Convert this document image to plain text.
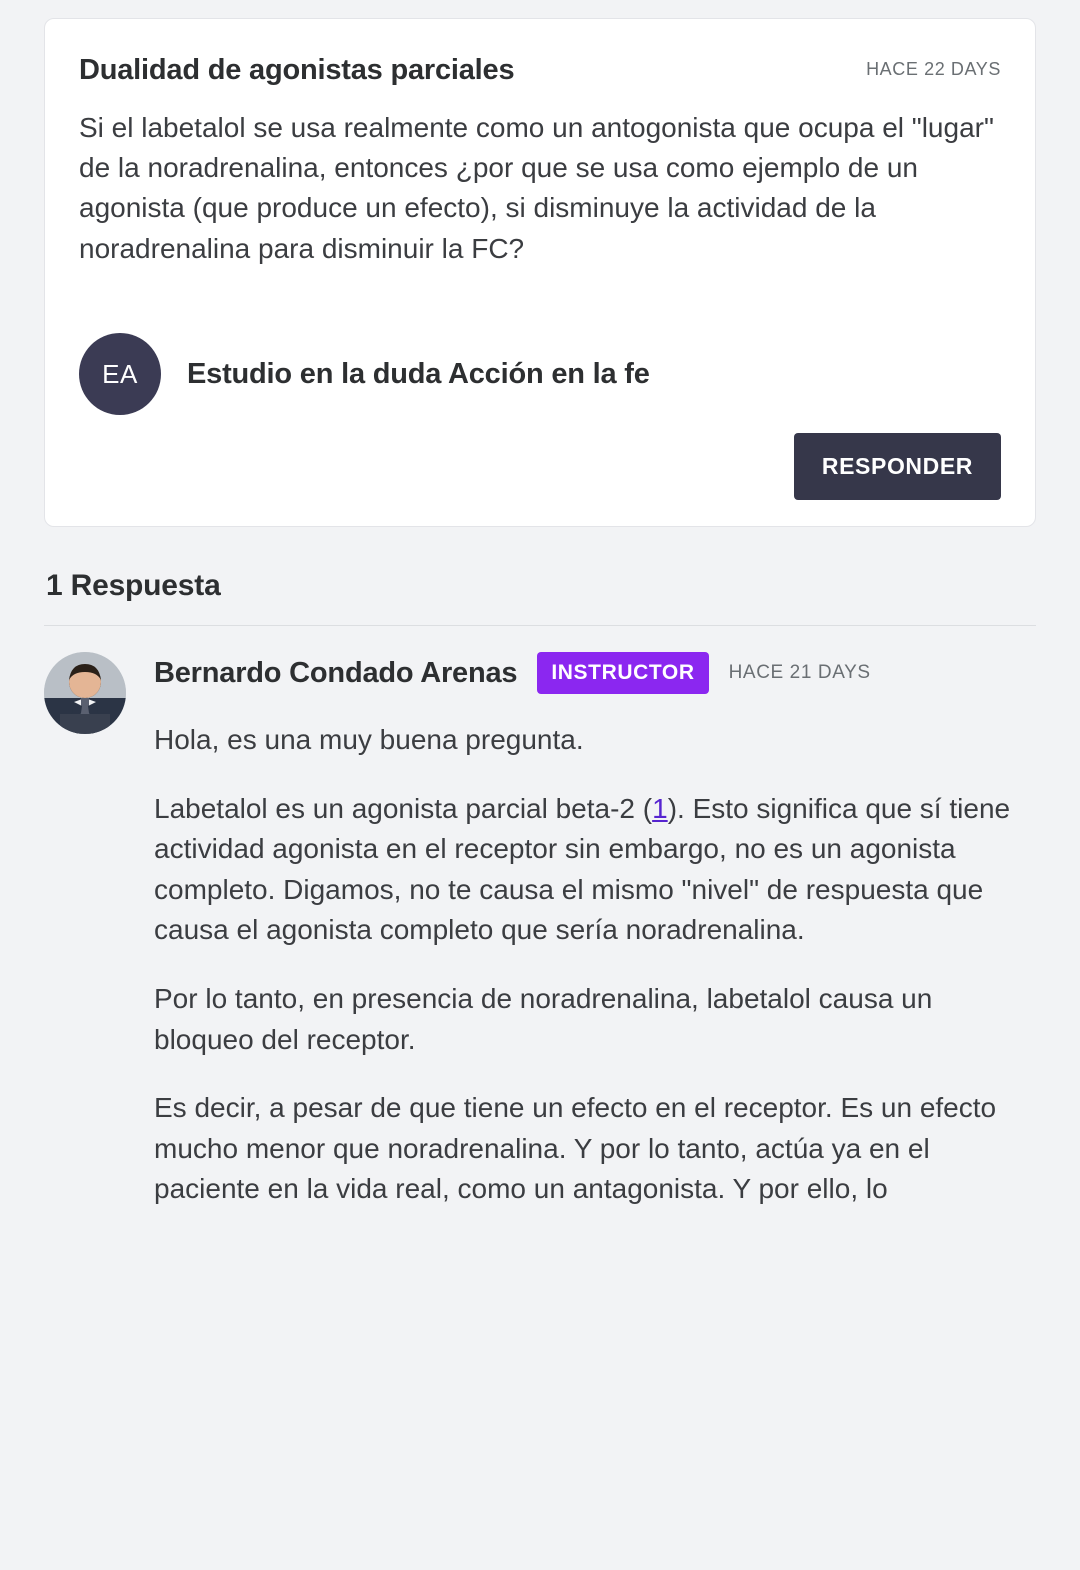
Dualidad de agonistas parciales	HACE 22 DAYS
Si el labetalol se usa realmente como un antogonista que ocupa el "lugar" de la noradrenalina, entonces ¿por que se usa como ejemplo de un agonista (que produce un efecto), si disminuye la actividad de la noradrenalina para disminuir la FC?
EA	Estudio en la duda Acción en la fe
RESPONDER
1 Respuesta
Bernardo Condado Arenas	INSTRUCTOR	HACE 21 DAYS

Hola, es una muy buena pregunta.

Labetalol es un agonista parcial beta-2 (1). Esto significa que sí tiene actividad agonista en el receptor sin embargo, no es un agonista completo. Digamos, no te causa el mismo "nivel" de respuesta que causa el agonista completo que sería noradrenalina.

Por lo tanto, en presencia de noradrenalina, labetalol causa un bloqueo del receptor.

Es decir, a pesar de que tiene un efecto en el receptor. Es un efecto mucho menor que noradrenalina. Y por lo tanto, actúa ya en el paciente en la vida real, como un antagonista. Y por ello, lo
